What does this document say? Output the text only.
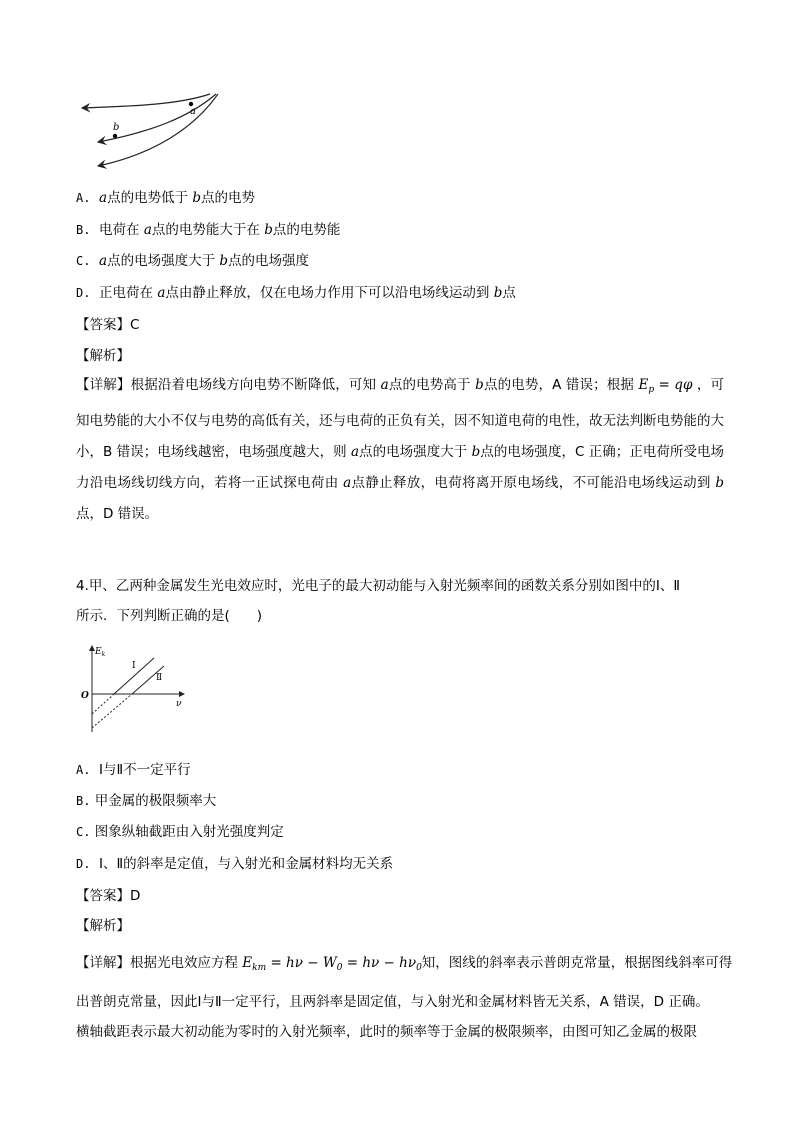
a
b
A. a点的电势低于 b点的电势
B. 电荷在 a点的电势能大于在 b点的电势能
C. a点的电场强度大于 b点的电场强度
D. 正电荷在 a点由静止释放，仅在电场力作用下可以沿电场线运动到 b点
【答案】C
【解析】
【详解】根据沿着电场线方向电势不断降低，可知 a点的电势高于 b点的电势，A 错误；根据 $E_p = q\varphi$ ，可知电势能的大小不仅与电势的高低有关，还与电荷的正负有关，因不知道电荷的电性，故无法判断电势能的大小，B 错误；电场线越密，电场强度越大，则 a点的电场强度大于 b点的电场强度，C 正确；正电荷所受电场力沿电场线切线方向，若将一正试探电荷由 a点静止释放，电荷将离开原电场线，不可能沿电场线运动到 b点，D 错误。
4.甲、乙两种金属发生光电效应时，光电子的最大初动能与入射光频率间的函数关系分别如图中的Ⅰ、Ⅱ
所示．下列判断正确的是(　　)
$E_k$
ν
O
Ⅰ
Ⅱ
A. Ⅰ与Ⅱ不一定平行
B. 甲金属的极限频率大
C. 图象纵轴截距由入射光强度判定
D. Ⅰ、Ⅱ的斜率是定值，与入射光和金属材料均无关系
【答案】D
【解析】
【详解】根据光电效应方程 $E_{km} = h\nu - W_0 = h\nu - h\nu_0$知，图线的斜率表示普朗克常量，根据图线斜率可得
出普朗克常量，因此Ⅰ与Ⅱ一定平行，且两斜率是固定值，与入射光和金属材料皆无关系，A 错误，D 正确。
横轴截距表示最大初动能为零时的入射光频率，此时的频率等于金属的极限频率，由图可知乙金属的极限
